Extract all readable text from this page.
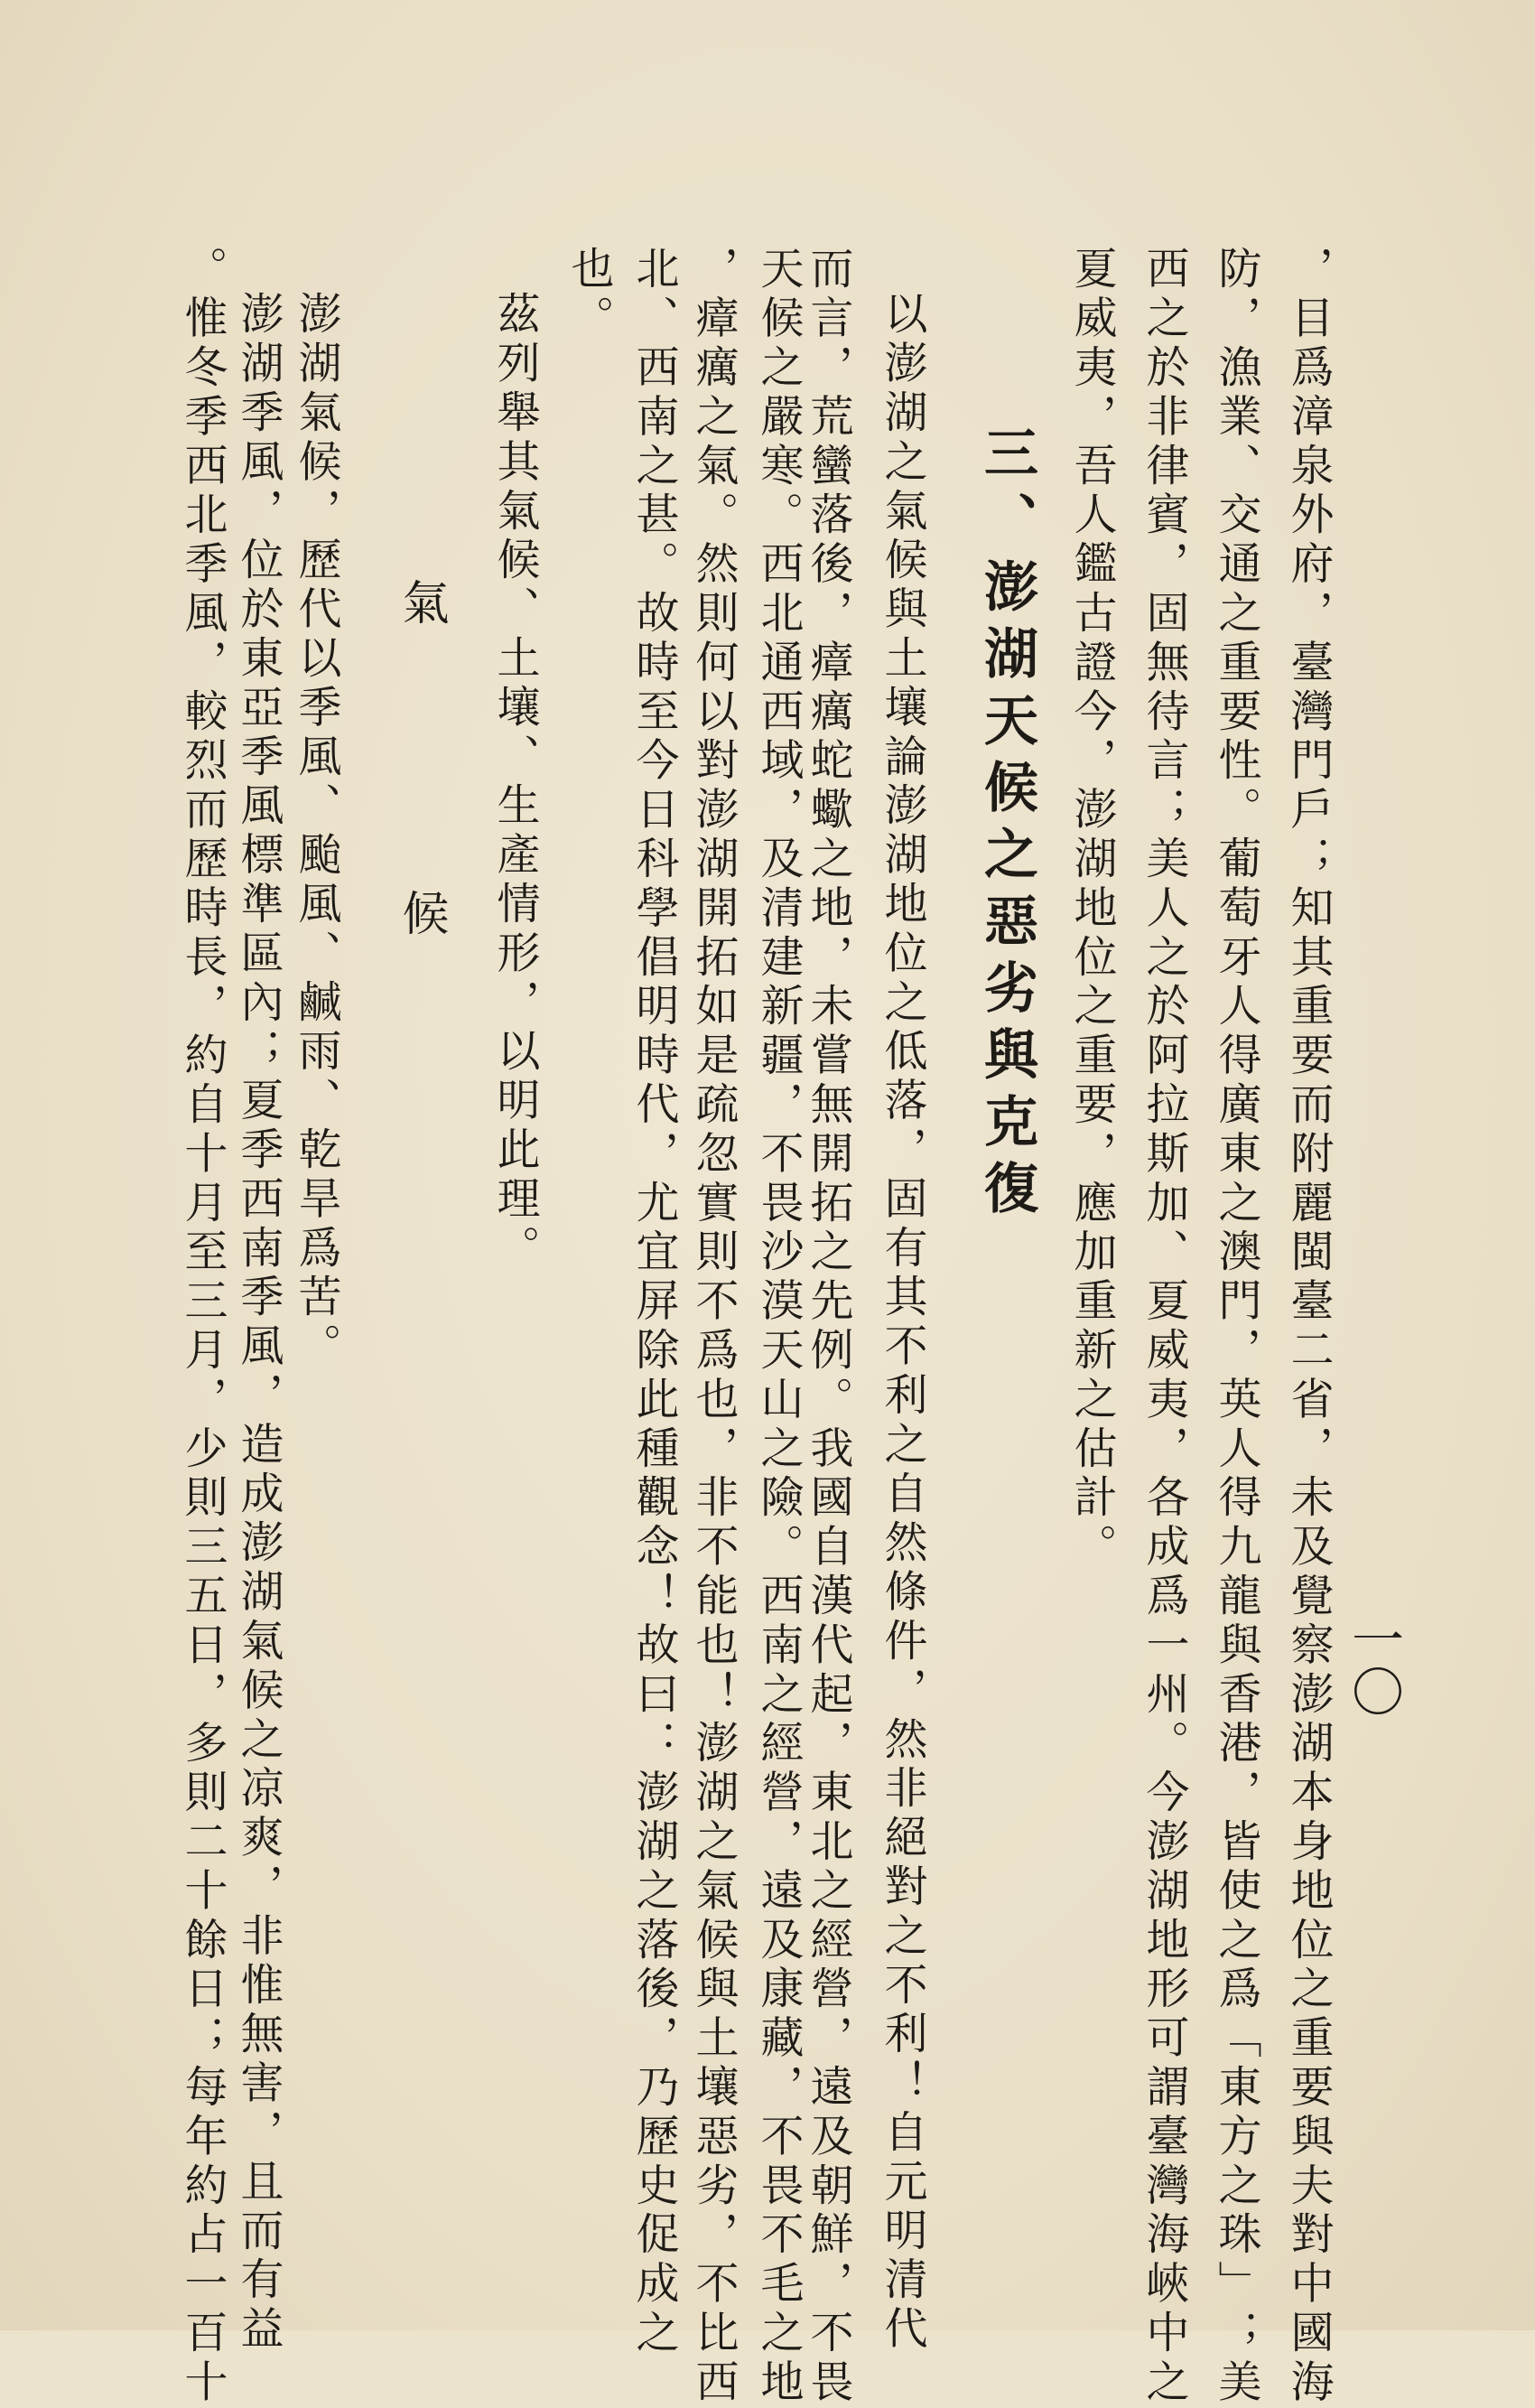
一〇
，目爲漳泉外府，臺灣門戶；知其重要而附麗閩臺二省，未及覺察澎湖本身地位之重要與夫對中國海
防，漁業、交通之重要性。葡萄牙人得廣東之澳門，英人得九龍與香港，皆使之爲「東方之珠」；美
西之於非律賓，固無待言；美人之於阿拉斯加、夏威夷，各成爲一州。今澎湖地形可謂臺灣海峽中之
夏威夷，吾人鑑古證今，澎湖地位之重要，應加重新之估計。
三、澎湖天候之惡劣與克復
以澎湖之氣候與土壤論澎湖地位之低落，固有其不利之自然條件，然非絕對之不利！自元明清代
而言，荒蠻落後，瘴癘蛇蠍之地，未嘗無開拓之先例。我國自漢代起，東北之經營，遠及朝鮮，不畏
天候之嚴寒。西北通西域，及清建新疆，不畏沙漠天山之險。西南之經營，遠及康藏，不畏不毛之地
，瘴癘之氣。然則何以對澎湖開拓如是疏忽實則不爲也，非不能也！澎湖之氣候與土壤惡劣，不比西
北、西南之甚。故時至今日科學倡明時代，尤宜屏除此種觀念！故曰：澎湖之落後，乃歷史促成之
也。
茲列舉其氣候、土壤、生產情形，以明此理。
氣　候
澎湖氣候，歷代以季風、颱風、鹹雨、乾旱爲苦。
澎湖季風，位於東亞季風標準區內；夏季西南季風，造成澎湖氣候之凉爽，非惟無害，且而有益
。惟冬季西北季風，較烈而歷時長，約自十月至三月，少則三五日，多則二十餘日；每年約占一百十
